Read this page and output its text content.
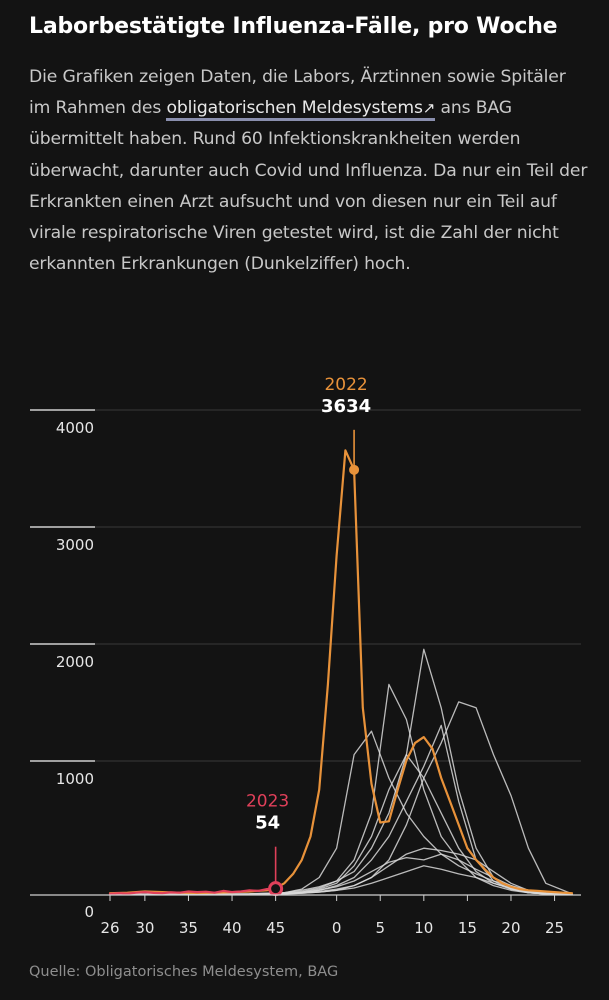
Laborbestätigte Influenza-Fälle, pro Woche

Die Grafiken zeigen Daten, die Labors, Ärztinnen sowie Spitäler im Rahmen des obligatorischen Meldesystems↗ ans BAG übermittelt haben. Rund 60 Infektionskrankheiten werden überwacht, darunter auch Covid und Influenza. Da nur ein Teil der Erkrankten einen Arzt aufsucht und von diesen nur ein Teil auf virale respiratorische Viren getestet wird, ist die Zahl der nicht erkannten Erkrankungen (Dunkelziffer) hoch.

2022
3634
2023
54
0
1000
2000
3000
4000
26 30 35 40 45	0 5 10 15 20 25

Quelle: Obligatorisches Meldesystem, BAG
